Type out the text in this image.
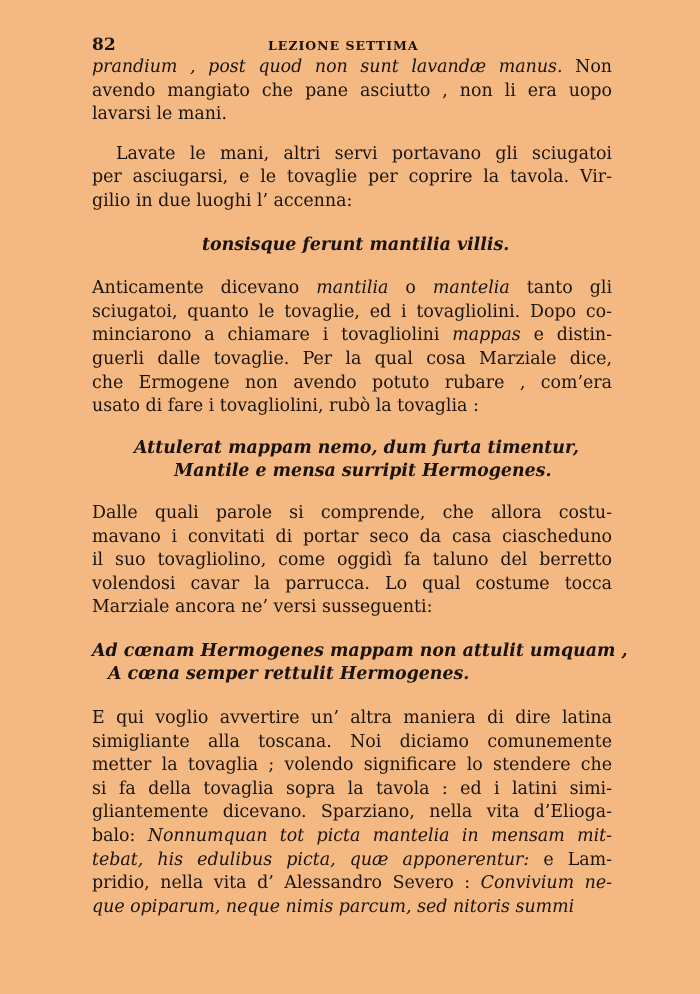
82	LEZIONE SETTIMA
prandium , post quod non sunt lavandæ manus. Non
avendo mangiato che pane asciutto , non li era uopo
lavarsi le mani.
Lavate le mani, altri servi portavano gli sciugatoi
per asciugarsi, e le tovaglie per coprire la tavola. Vir-
gilio in due luoghi l’ accenna:
tonsisque ferunt mantilia villis.
Anticamente dicevano mantilia o mantelia tanto gli
sciugatoi, quanto le tovaglie, ed i tovagliolini. Dopo co-
minciarono a chiamare i tovagliolini mappas e distin-
guerli dalle tovaglie. Per la qual cosa Marziale dice,
che Ermogene non avendo potuto rubare , com’era
usato di fare i tovagliolini, rubò la tovaglia :
Attulerat mappam nemo, dum furta timentur,
Mantile e mensa surripit Hermogenes.
Dalle quali parole si comprende, che allora costu-
mavano i convitati di portar seco da casa ciascheduno
il suo tovagliolino, come oggidì fa taluno del berretto
volendosi cavar la parrucca. Lo qual costume tocca
Marziale ancora ne’ versi susseguenti:
Ad cœnam Hermogenes mappam non attulit umquam ,
A cœna semper rettulit Hermogenes.
E qui voglio avvertire un’ altra maniera di dire latina
simigliante alla toscana. Noi diciamo comunemente
metter la tovaglia ; volendo significare lo stendere che
si fa della tovaglia sopra la tavola : ed i latini simi-
gliantemente dicevano. Sparziano, nella vita d’Elioga-
balo: Nonnumquan tot picta mantelia in mensam mit-
tebat, his edulibus picta, quæ apponerentur: e Lam-
pridio, nella vita d’ Alessandro Severo : Convivium ne-
que opiparum, neque nimis parcum, sed nitoris summi
